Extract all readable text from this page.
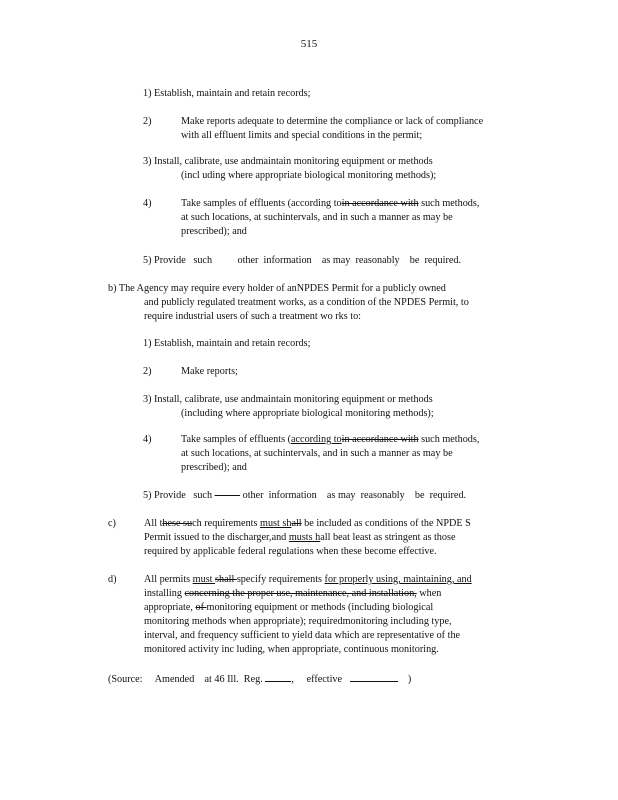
515
1) Establish, maintain and retain records;
2)	Make reports adequate to determine the compliance or lack of compliance
with all effluent limits and special conditions in the permit;
3) Install, calibrate, use andmaintain monitoring equipment or methods
(incl uding where appropriate biological monitoring methods);
4)	Take samples of effluents (according toin accordance with such methods,
at such locations, at suchintervals, and in such a manner as may be
prescribed); and
5) Provide   such          other  information    as may  reasonably    be  required.
b) The Agency may require every holder of anNPDES Permit for a publicly owned
and publicly regulated treatment works, as a condition of the NPDES Permit, to
require industrial users of such a treatment wo rks to:
1) Establish, maintain and retain records;
2)	Make reports;
3) Install, calibrate, use andmaintain monitoring equipment or methods
(including where appropriate biological monitoring methods);
4)	Take samples of effluents (according toin accordance with such methods,
at such locations, at suchintervals, and in such a manner as may be
prescribed); and
5) Provide   such            other  information    as may  reasonably    be  required.
c)	All these such requirements must shall be included as conditions of the NPDE S
Permit issued to the discharger,and musts hall beat least as stringent as those
required by applicable federal regulations when these become effective.
d)	All permits must shall specify requirements for properly using, maintaining, and
installing concerning the proper use, maintenance, and installation, when
appropriate, of monitoring equipment or methods (including biological
monitoring methods when appropriate); requiredmonitoring including type,
interval, and frequency sufficient to yield data which are representative of the
monitored activity inc luding, when appropriate, continuous monitoring.
(Source:     Amended    at 46 Ill.  Reg.	,     effective	)
